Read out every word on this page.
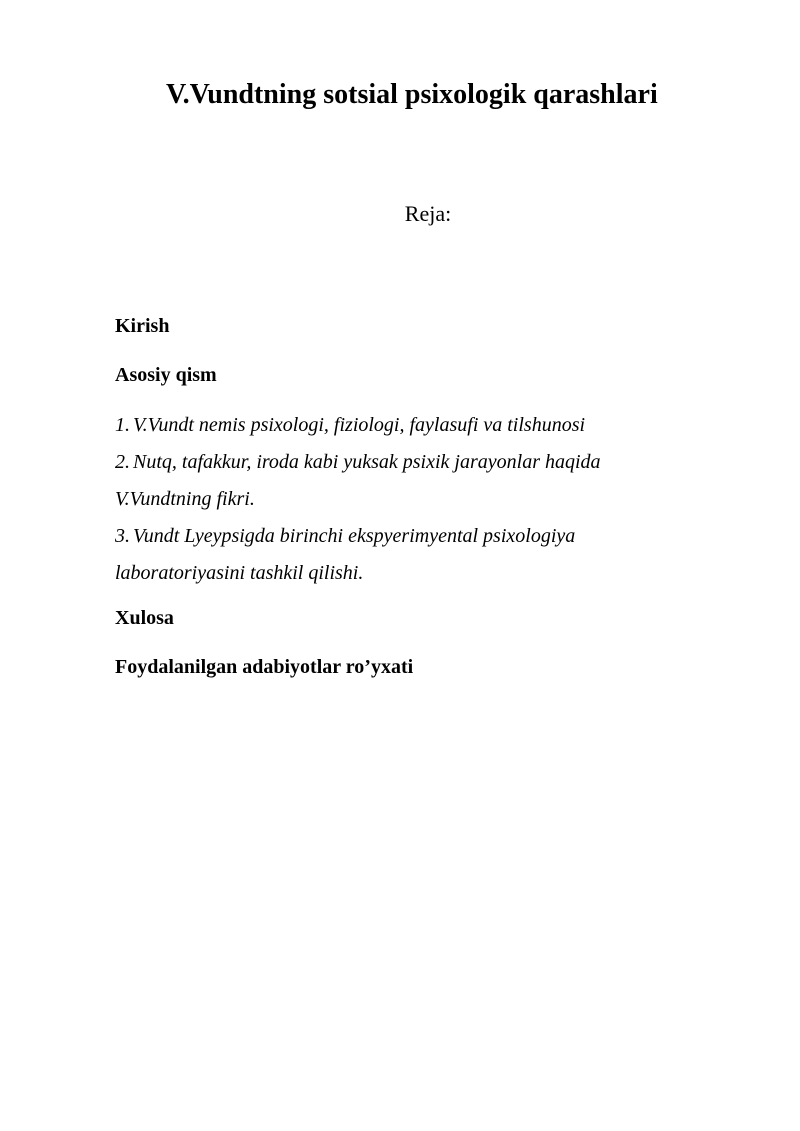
V.Vundtning sotsial psixologik qarashlari

Reja:

Kirish

Asosiy qism

1. V.Vundt nemis psixologi, fiziologi, faylasufi va tilshunosi
2. Nutq, tafakkur, iroda kabi yuksak psixik jarayonlar haqida
V.Vundtning fikri.
3. Vundt Lyeypsigda birinchi ekspyerimyental psixologiya
laboratoriyasini tashkil qilishi.

Xulosa

Foydalanilgan adabiyotlar ro’yxati
